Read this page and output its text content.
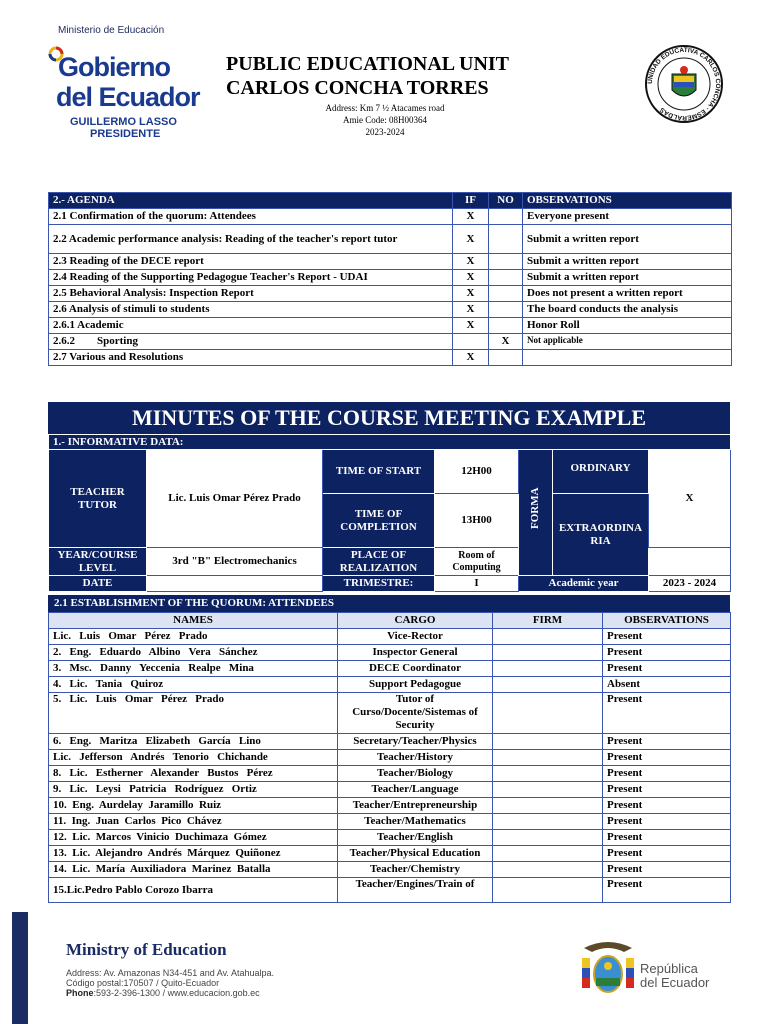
Ministerio de Educación
Gobierno
del Ecuador
GUILLERMO LASSO
PRESIDENTE
PUBLIC EDUCATIONAL UNIT
CARLOS CONCHA TORRES
Address: Km 7 ½ Atacames road
Amie Code: 08H00364
2023-2024
UNIDAD EDUCATIVA CARLOS CONCHA · ESMERALDAS
2.- AGENDA	IF	NO	OBSERVATIONS
2.1 Confirmation of the quorum: Attendees	X		Everyone present
2.2 Academic performance analysis: Reading of the teacher's report tutor	X		Submit a written report
2.3 Reading of the DECE report	X		Submit a written report
2.4 Reading of the Supporting Pedagogue Teacher's Report - UDAI	X		Submit a written report
2.5 Behavioral Analysis: Inspection Report	X		Does not present a written report
2.6 Analysis of stimuli to students	X		The board conducts the analysis
2.6.1 Academic	X		Honor Roll
2.6.2        Sporting		X	Not applicable
2.7 Various and Resolutions	X		
MINUTES OF THE COURSE MEETING EXAMPLE
1.- INFORMATIVE DATA:						
TEACHER TUTOR	Lic. Luis Omar Pérez Prado	TIME OF START	12H00	FORMA	ORDINARY	X
		TIME OF COMPLETION	13H00		EXTRAORDINARIA	
YEAR/COURSE LEVEL	3rd "B" Electromechanics	PLACE OF REALIZATION	Room of Computing			
DATE		TRIMESTRE:	I	Academic year		2023 - 2024
2.1 ESTABLISHMENT OF THE QUORUM: ATTENDEES
NAMES	CARGO	FIRM	OBSERVATIONS
Lic.   Luis   Omar   Pérez   Prado	Vice-Rector		Present
2.   Eng.   Eduardo   Albino   Vera   Sánchez	Inspector General		Present
3.   Msc.   Danny   Yeccenia   Realpe   Mina	DECE Coordinator		Present
4.   Lic.   Tania   Quiroz	Support Pedagogue		Absent
5.   Lic.   Luis   Omar   Pérez   Prado	Tutor of Curso/Docente/Sistemas of Security		Present
6.   Eng.   Maritza   Elizabeth   García   Lino	Secretary/Teacher/Physics		Present
Lic.   Jefferson   Andrés   Tenorio   Chichande	Teacher/History		Present
8.   Lic.   Estherner   Alexander   Bustos   Pérez	Teacher/Biology		Present
9.   Lic.   Leysi   Patricia   Rodríguez   Ortiz	Teacher/Language		Present
10.  Eng.  Aurdelay  Jaramillo  Ruiz	Teacher/Entrepreneurship		Present
11.  Ing.  Juan  Carlos  Pico  Chávez	Teacher/Mathematics		Present
12.  Lic.  Marcos  Vinicio  Duchimaza  Gómez	Teacher/English		Present
13.  Lic.  Alejandro  Andrés  Márquez  Quiñonez	Teacher/Physical Education		Present
14.  Lic.  María  Auxiliadora  Marinez  Batalla	Teacher/Chemistry		Present
15.Lic.Pedro Pablo Corozo Ibarra	Teacher/Engines/Train of		Present
Ministry of Education
Address: Av. Amazonas N34-451 and Av. Atahualpa.
Código postal:170507 / Quito-Ecuador
Phone:593-2-396-1300 / www.educacion.gob.ec
República
del Ecuador
